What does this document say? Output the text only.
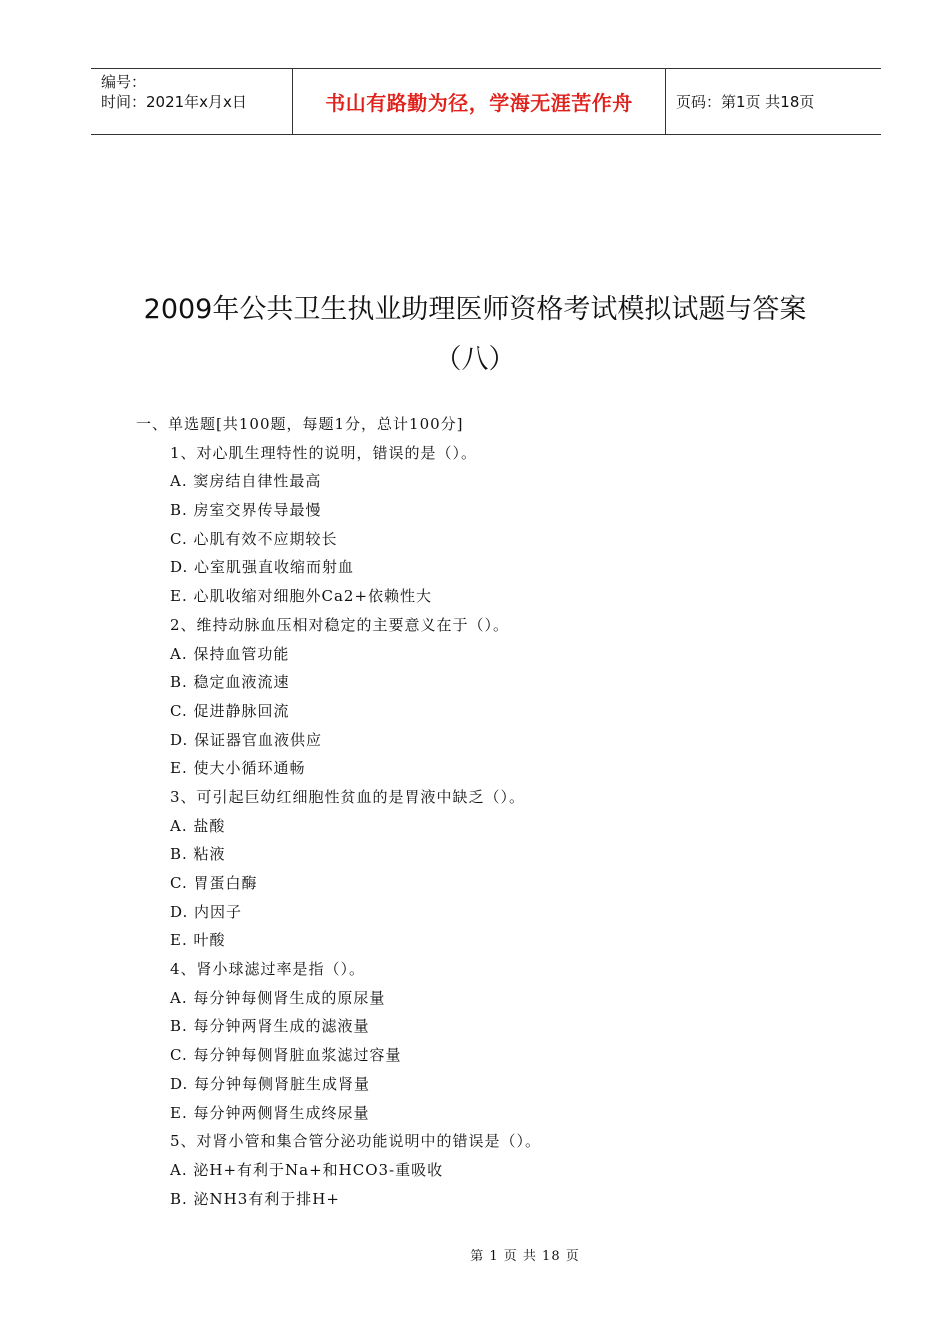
编号：
时间：2021年x月x日	书山有路勤为径，学海无涯苦作舟	页码：第1页 共18页
2009年公共卫生执业助理医师资格考试模拟试题与答案
（八）
一、单选题[共100题，每题1分，总计100分]
1、对心肌生理特性的说明，错误的是（）。
A. 窦房结自律性最高
B. 房室交界传导最慢
C. 心肌有效不应期较长
D. 心室肌强直收缩而射血
E. 心肌收缩对细胞外Ca2+依赖性大
2、维持动脉血压相对稳定的主要意义在于（）。
A. 保持血管功能
B. 稳定血液流速
C. 促进静脉回流
D. 保证器官血液供应
E. 使大小循环通畅
3、可引起巨幼红细胞性贫血的是胃液中缺乏（）。
A. 盐酸
B. 粘液
C. 胃蛋白酶
D. 内因子
E. 叶酸
4、肾小球滤过率是指（）。
A. 每分钟每侧肾生成的原尿量
B. 每分钟两肾生成的滤液量
C. 每分钟每侧肾脏血浆滤过容量
D. 每分钟每侧肾脏生成肾量
E. 每分钟两侧肾生成终尿量
5、对肾小管和集合管分泌功能说明中的错误是（）。
A. 泌H+有利于Na+和HCO3-重吸收
B. 泌NH3有利于排H+
第 1 页 共 18 页
